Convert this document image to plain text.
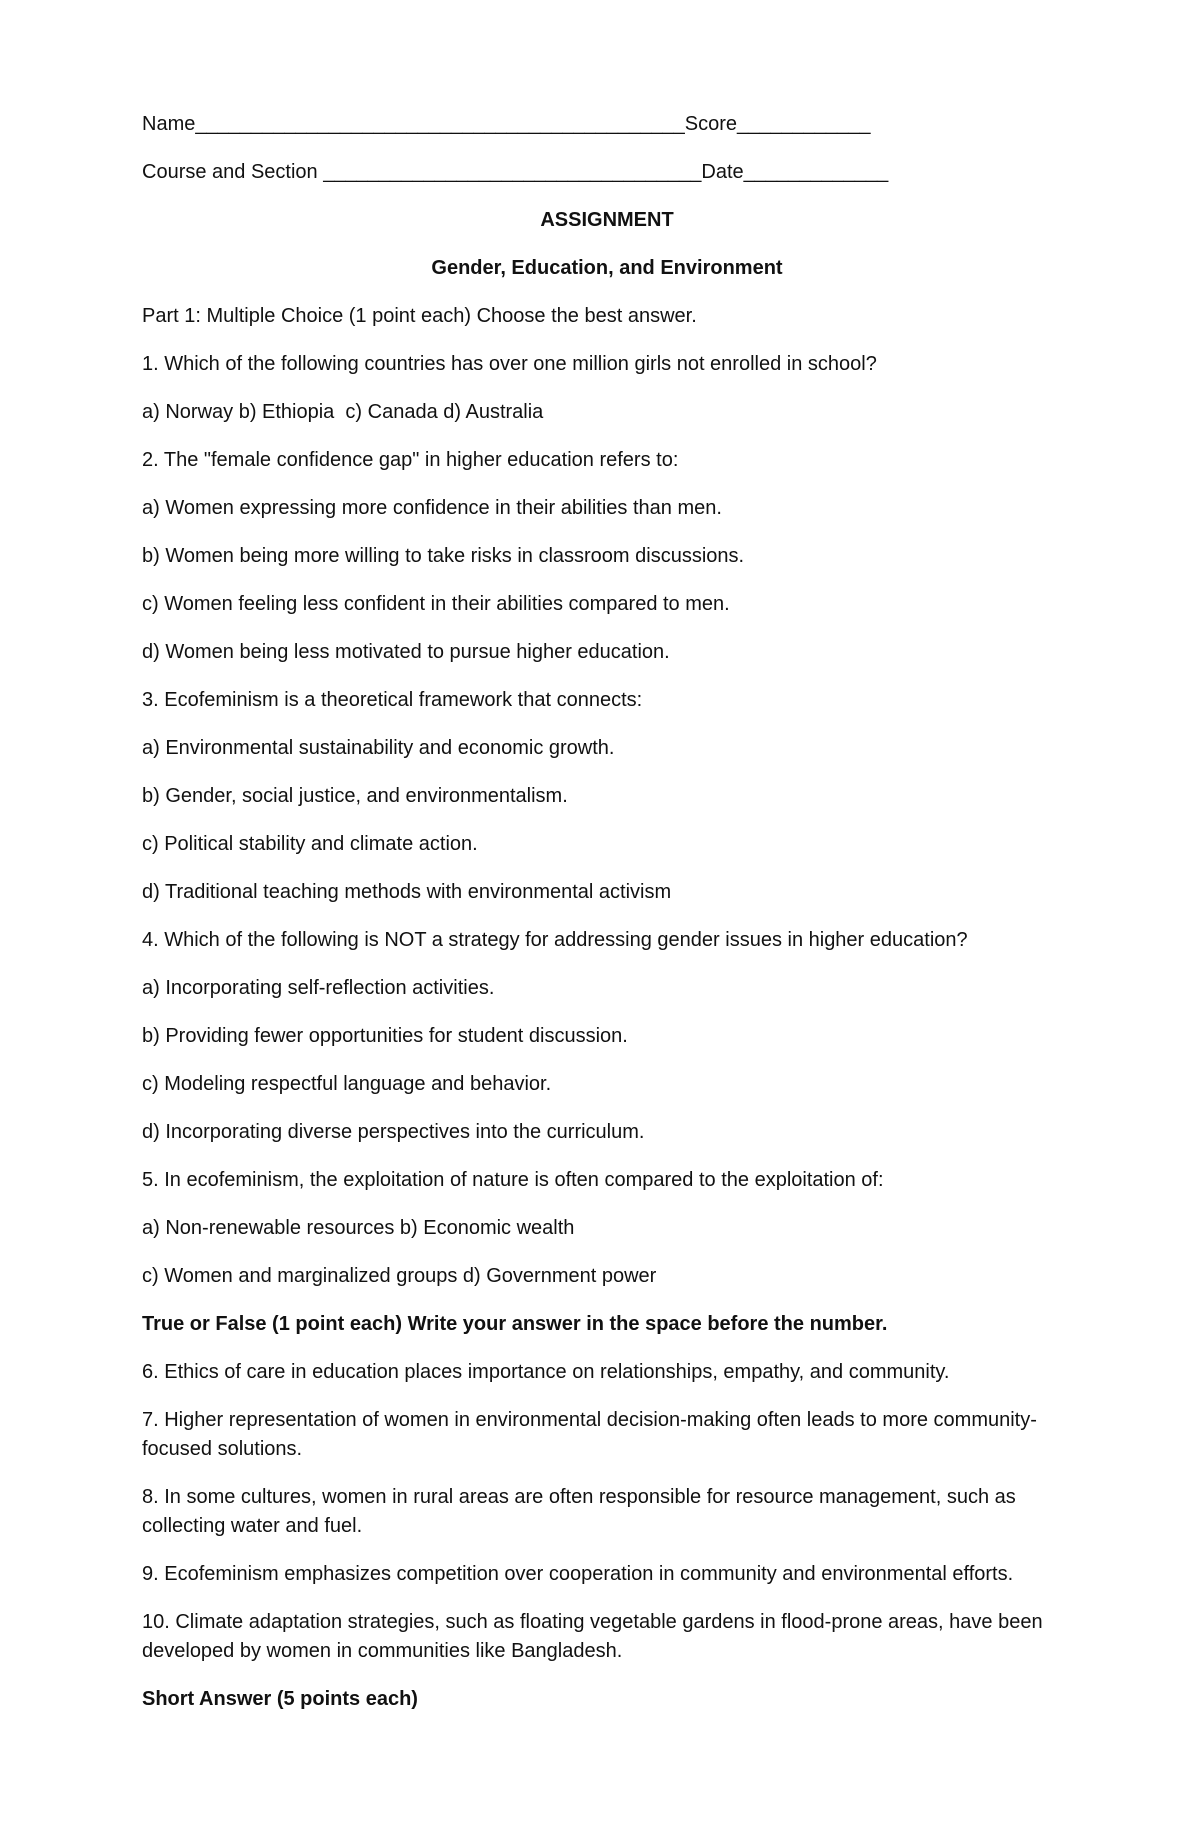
Name____________________________________________Score____________
Course and Section __________________________________Date_____________
ASSIGNMENT
Gender, Education, and Environment
Part 1: Multiple Choice (1 point each) Choose the best answer.
1. Which of the following countries has over one million girls not enrolled in school?
a) Norway b) Ethiopia  c) Canada d) Australia
2. The "female confidence gap" in higher education refers to:
a) Women expressing more confidence in their abilities than men.
b) Women being more willing to take risks in classroom discussions.
c) Women feeling less confident in their abilities compared to men.
d) Women being less motivated to pursue higher education.
3. Ecofeminism is a theoretical framework that connects:
a) Environmental sustainability and economic growth.
b) Gender, social justice, and environmentalism.
c) Political stability and climate action.
d) Traditional teaching methods with environmental activism
4. Which of the following is NOT a strategy for addressing gender issues in higher education?
a) Incorporating self-reflection activities.
b) Providing fewer opportunities for student discussion.
c) Modeling respectful language and behavior.
d) Incorporating diverse perspectives into the curriculum.
5. In ecofeminism, the exploitation of nature is often compared to the exploitation of:
a) Non-renewable resources b) Economic wealth
c) Women and marginalized groups d) Government power
True or False (1 point each) Write your answer in the space before the number.
6. Ethics of care in education places importance on relationships, empathy, and community.
7. Higher representation of women in environmental decision-making often leads to more community-focused solutions.
8. In some cultures, women in rural areas are often responsible for resource management, such as collecting water and fuel.
9. Ecofeminism emphasizes competition over cooperation in community and environmental efforts.
10. Climate adaptation strategies, such as floating vegetable gardens in flood-prone areas, have been developed by women in communities like Bangladesh.
Short Answer (5 points each)
